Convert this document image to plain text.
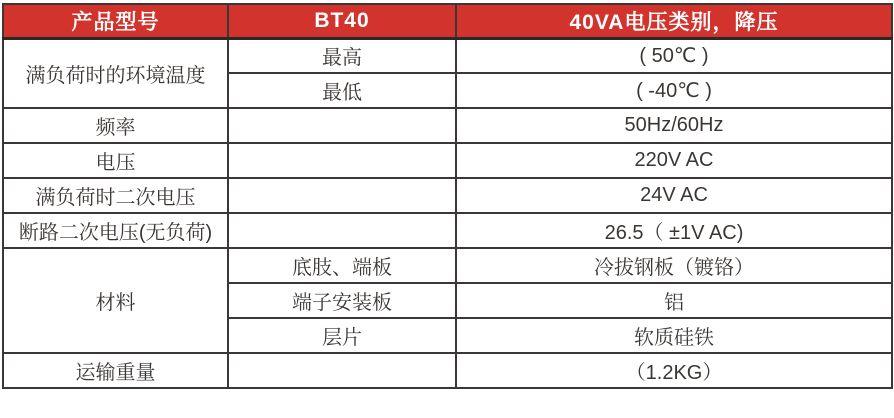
产品型号	BT40	40VA电压类别，降压
满负荷时的环境温度	最高	( 50℃ )
	最低	( -40℃ )
频率		50Hz/60Hz
电压		220V AC
满负荷时二次电压		24V AC
断路二次电压(无负荷)		26.5（ ±1V AC)
材料	底肢、端板	冷拔钢板（镀铬）
	端子安装板	铝
	层片	软质硅铁
运输重量		（1.2KG）
